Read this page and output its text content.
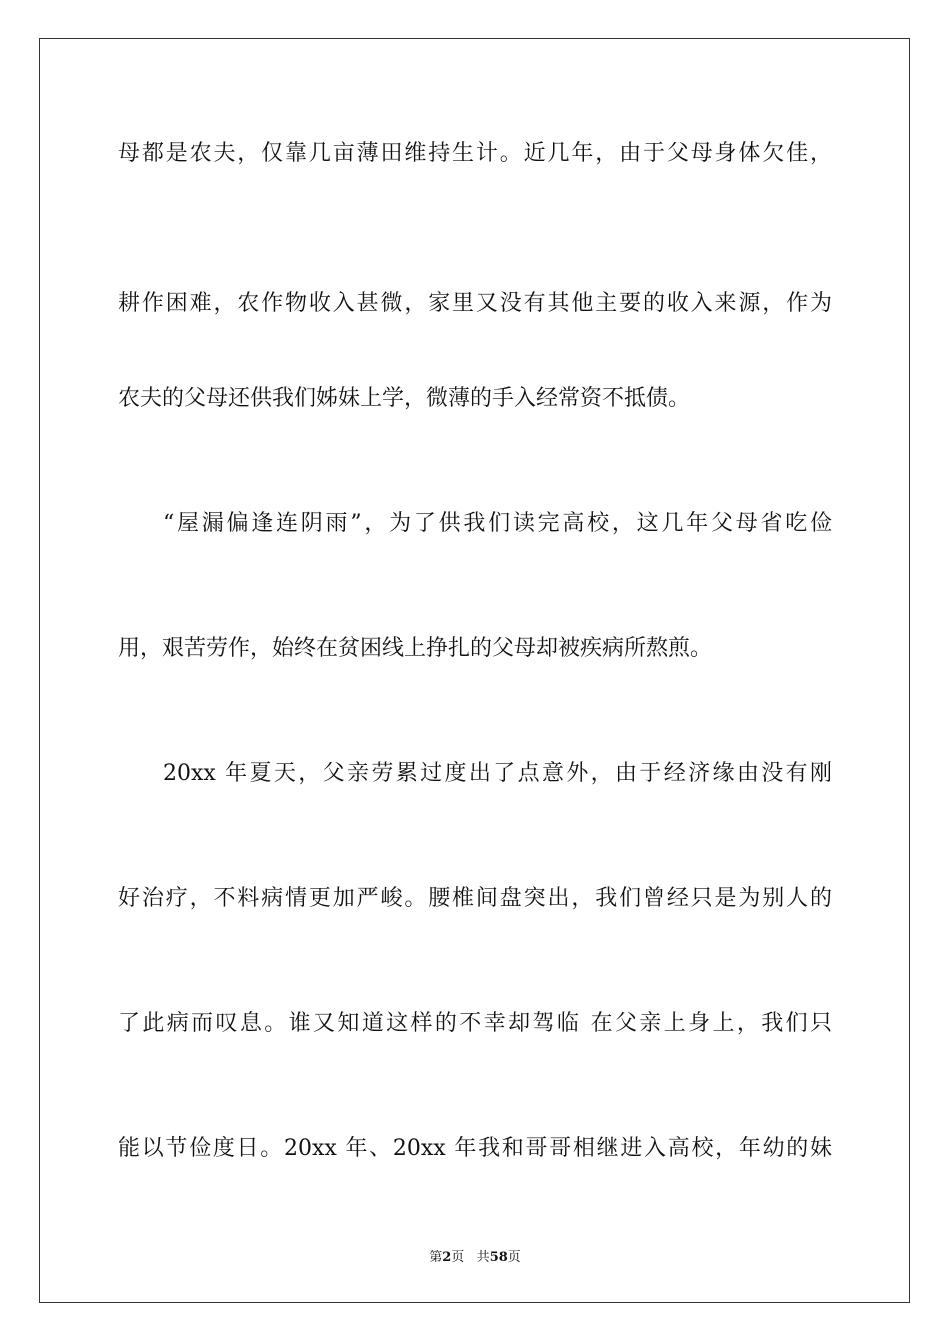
母都是农夫，仅靠几亩薄田维持生计。近几年，由于父母身体欠佳，
耕作困难，农作物收入甚微，家里又没有其他主要的收入来源，作为
农夫的父母还供我们姊妹上学，微薄的手入经常资不抵债。
“屋漏偏逢连阴雨”，为了供我们读完高校，这几年父母省吃俭
用，艰苦劳作，始终在贫困线上挣扎的父母却被疾病所熬煎。
20xx 年夏天，父亲劳累过度出了点意外，由于经济缘由没有刚
好治疗，不料病情更加严峻。腰椎间盘突出，我们曾经只是为别人的
了此病而叹息。谁又知道这样的不幸却驾临 在父亲上身上，我们只
能以节俭度日。20xx 年、20xx 年我和哥哥相继进入高校，年幼的妹
第2页 共58页
